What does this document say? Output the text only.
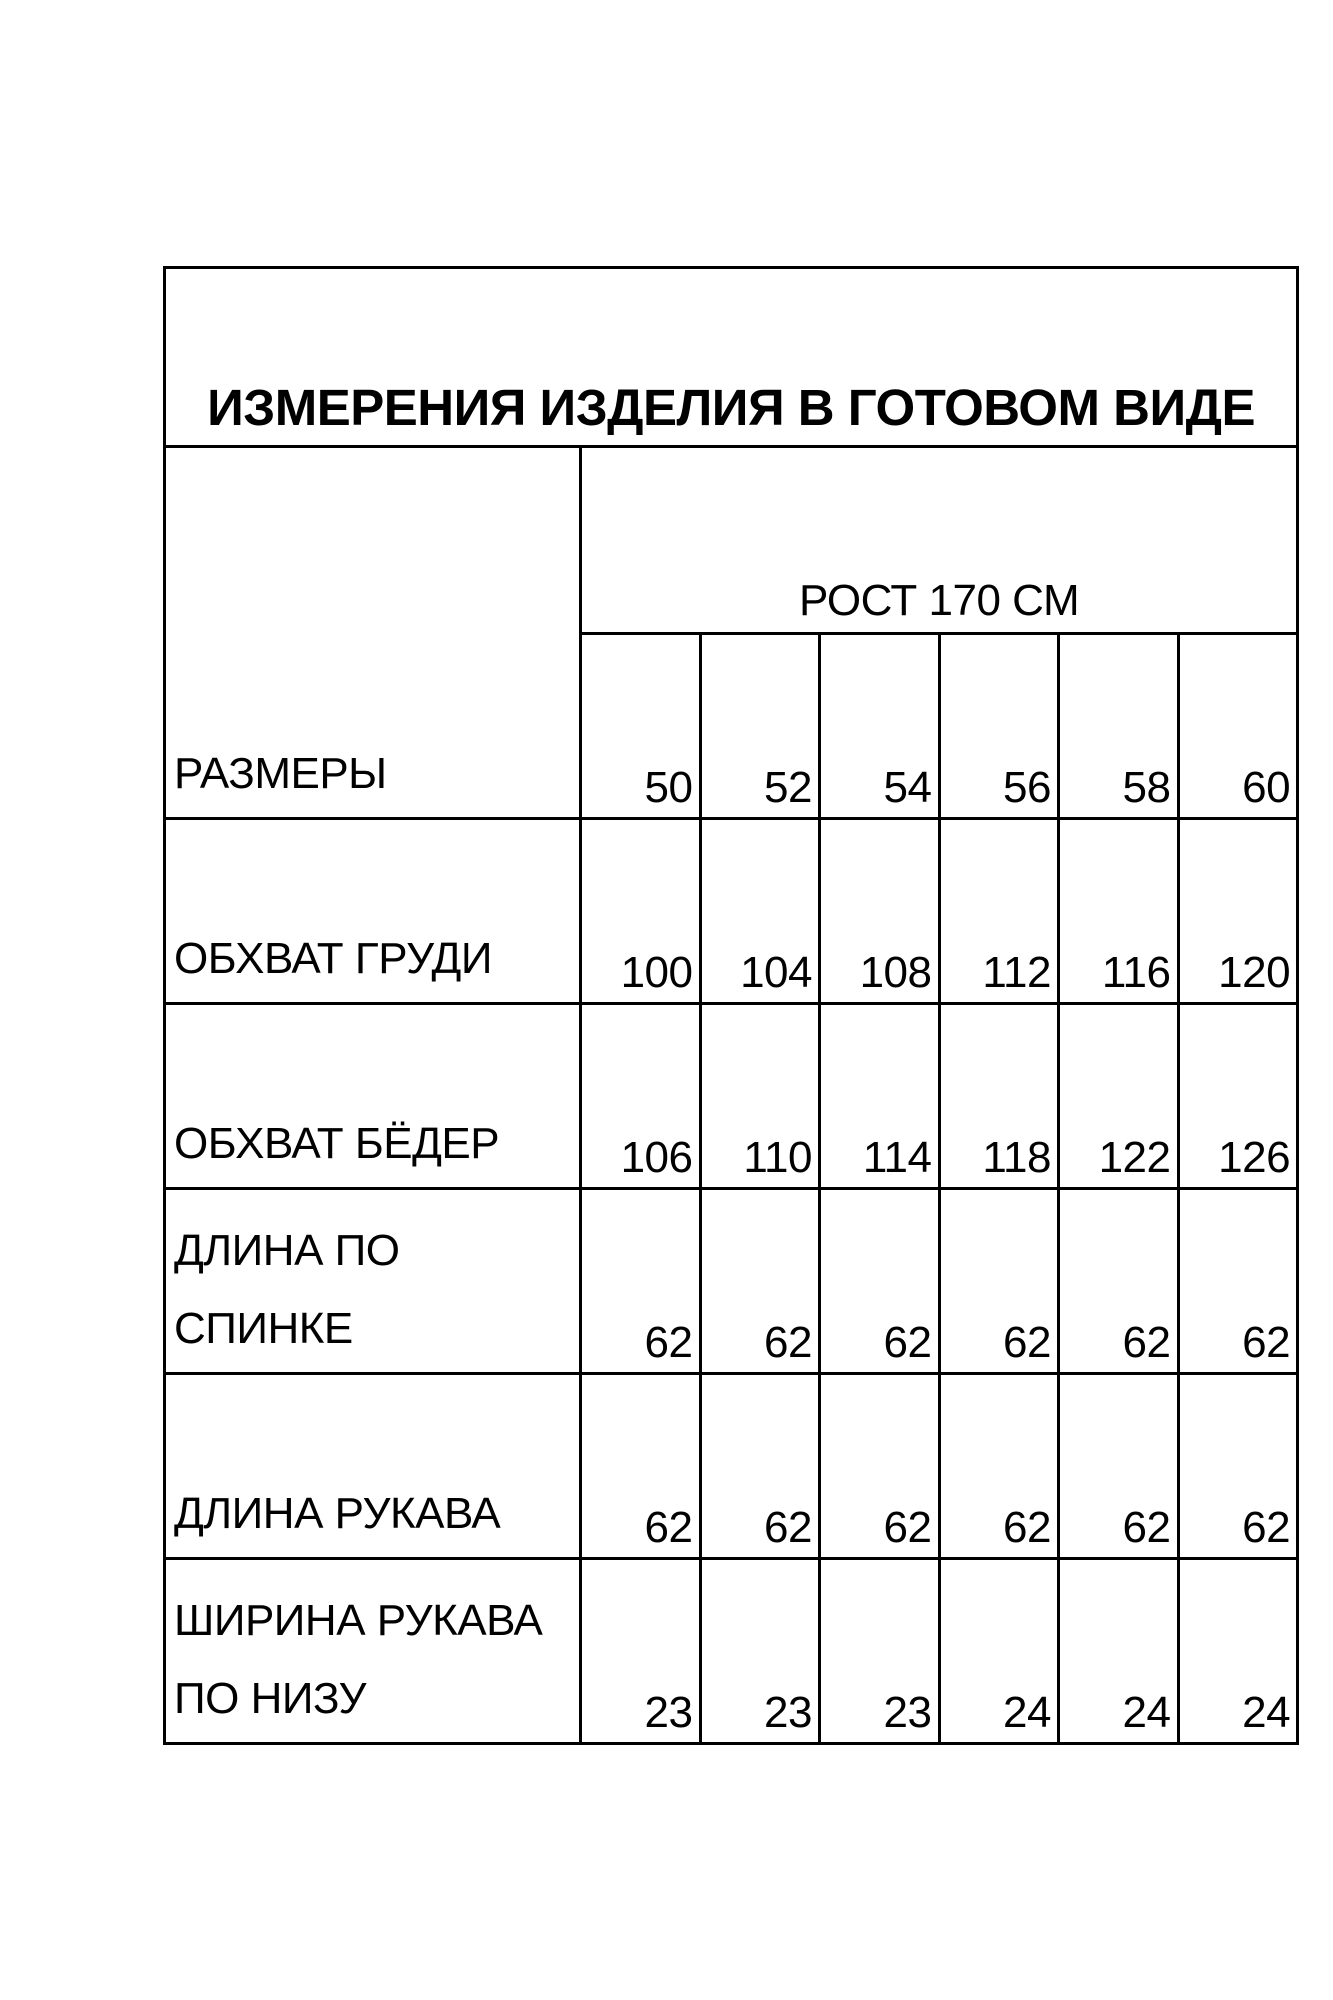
ИЗМЕРЕНИЯ ИЗДЕЛИЯ В ГОТОВОМ ВИДЕ						

РАЗМЕРЫ	РОСТ 170 СМ					
	50	52	54	56	58	60

ОБХВАТ ГРУДИ	100	104	108	112	116	120

ОБХВАТ БЁДЕР	106	110	114	118	122	126

ДЛИНА ПО
СПИНКЕ	62	62	62	62	62	62

ДЛИНА РУКАВА	62	62	62	62	62	62

ШИРИНА РУКАВА
ПО НИЗУ	23	23	23	24	24	24
